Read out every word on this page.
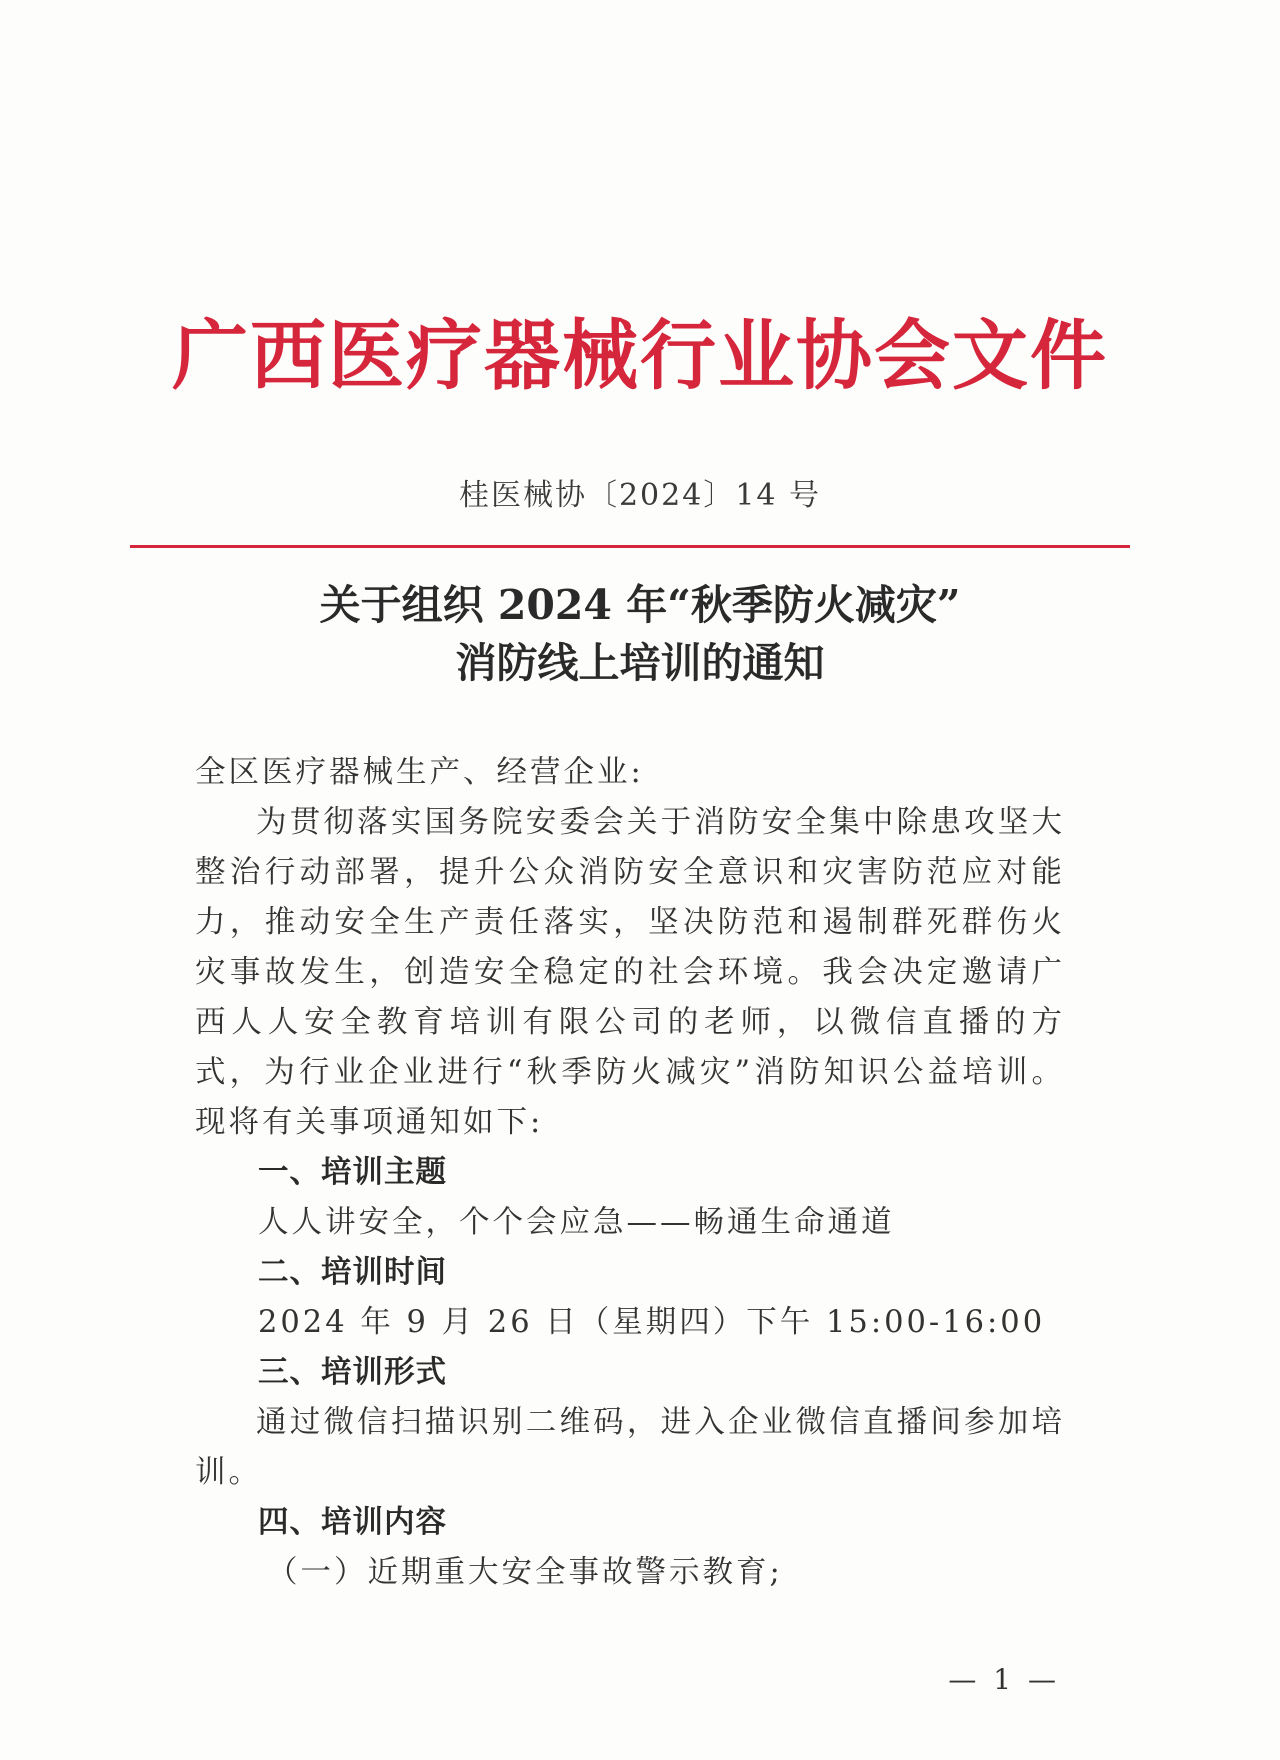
广西医疗器械行业协会文件
桂医械协〔2024〕14 号
关于组织 2024 年“秋季防火减灾”
消防线上培训的通知

全区医疗器械生产、经营企业:

为贯彻落实国务院安委会关于消防安全集中除患攻坚大整治行动部署，提升公众消防安全意识和灾害防范应对能力，推动安全生产责任落实，坚决防范和遏制群死群伤火灾事故发生，创造安全稳定的社会环境。我会决定邀请广西人人安全教育培训有限公司的老师，以微信直播的方式，为行业企业进行“秋季防火减灾”消防知识公益培训。现将有关事项通知如下:

一、培训主题

人人讲安全，个个会应急——畅通生命通道

二、培训时间

2024 年 9 月 26 日（星期四）下午 15:00-16:00

三、培训形式

通过微信扫描识别二维码，进入企业微信直播间参加培训。

四、培训内容

（一）近期重大安全事故警示教育;

— 1 —
